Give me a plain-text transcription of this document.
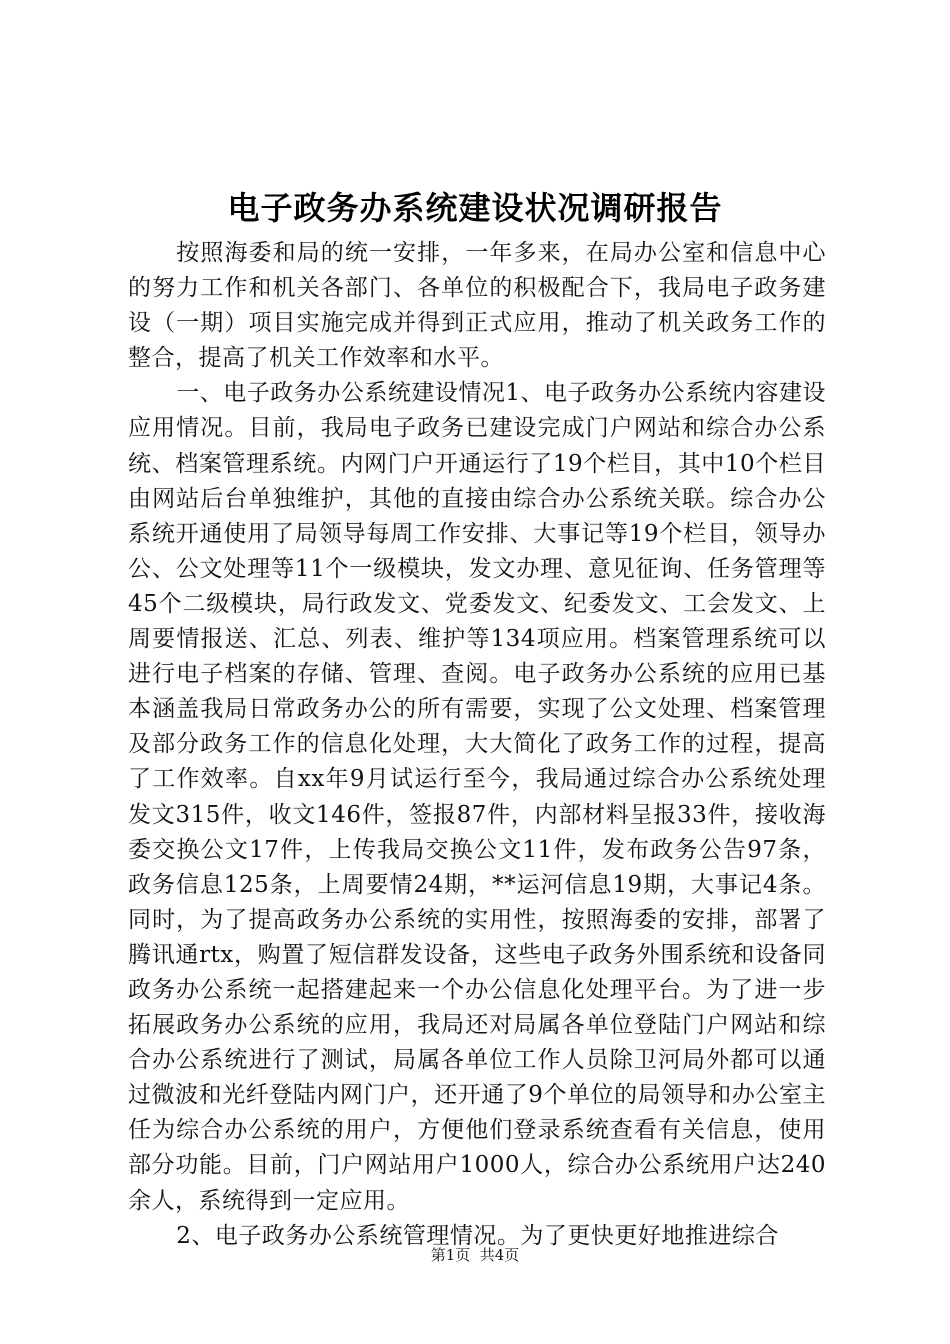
电子政务办系统建设状况调研报告

按照海委和局的统一安排，一年多来，在局办公室和信息中心的努力工作和机关各部门、各单位的积极配合下，我局电子政务建设（一期）项目实施完成并得到正式应用，推动了机关政务工作的整合，提高了机关工作效率和水平。

一、电子政务办公系统建设情况1、电子政务办公系统内容建设应用情况。目前，我局电子政务已建设完成门户网站和综合办公系统、档案管理系统。内网门户开通运行了19个栏目，其中10个栏目由网站后台单独维护，其他的直接由综合办公系统关联。综合办公系统开通使用了局领导每周工作安排、大事记等19个栏目，领导办公、公文处理等11个一级模块，发文办理、意见征询、任务管理等45个二级模块，局行政发文、党委发文、纪委发文、工会发文、上周要情报送、汇总、列表、维护等134项应用。档案管理系统可以进行电子档案的存储、管理、查阅。电子政务办公系统的应用已基本涵盖我局日常政务办公的所有需要，实现了公文处理、档案管理及部分政务工作的信息化处理，大大简化了政务工作的过程，提高了工作效率。自xx年9月试运行至今，我局通过综合办公系统处理发文315件，收文146件，签报87件，内部材料呈报33件，接收海委交换公文17件，上传我局交换公文11件，发布政务公告97条，政务信息125条，上周要情24期，**运河信息19期，大事记4条。同时，为了提高政务办公系统的实用性，按照海委的安排，部署了腾讯通rtx，购置了短信群发设备，这些电子政务外围系统和设备同政务办公系统一起搭建起来一个办公信息化处理平台。为了进一步拓展政务办公系统的应用，我局还对局属各单位登陆门户网站和综合办公系统进行了测试，局属各单位工作人员除卫河局外都可以通过微波和光纤登陆内网门户，还开通了9个单位的局领导和办公室主任为综合办公系统的用户，方便他们登录系统查看有关信息，使用部分功能。目前，门户网站用户1000人，综合办公系统用户达240余人，系统得到一定应用。

2、电子政务办公系统管理情况。为了更快更好地推进综合

第1页  共4页
